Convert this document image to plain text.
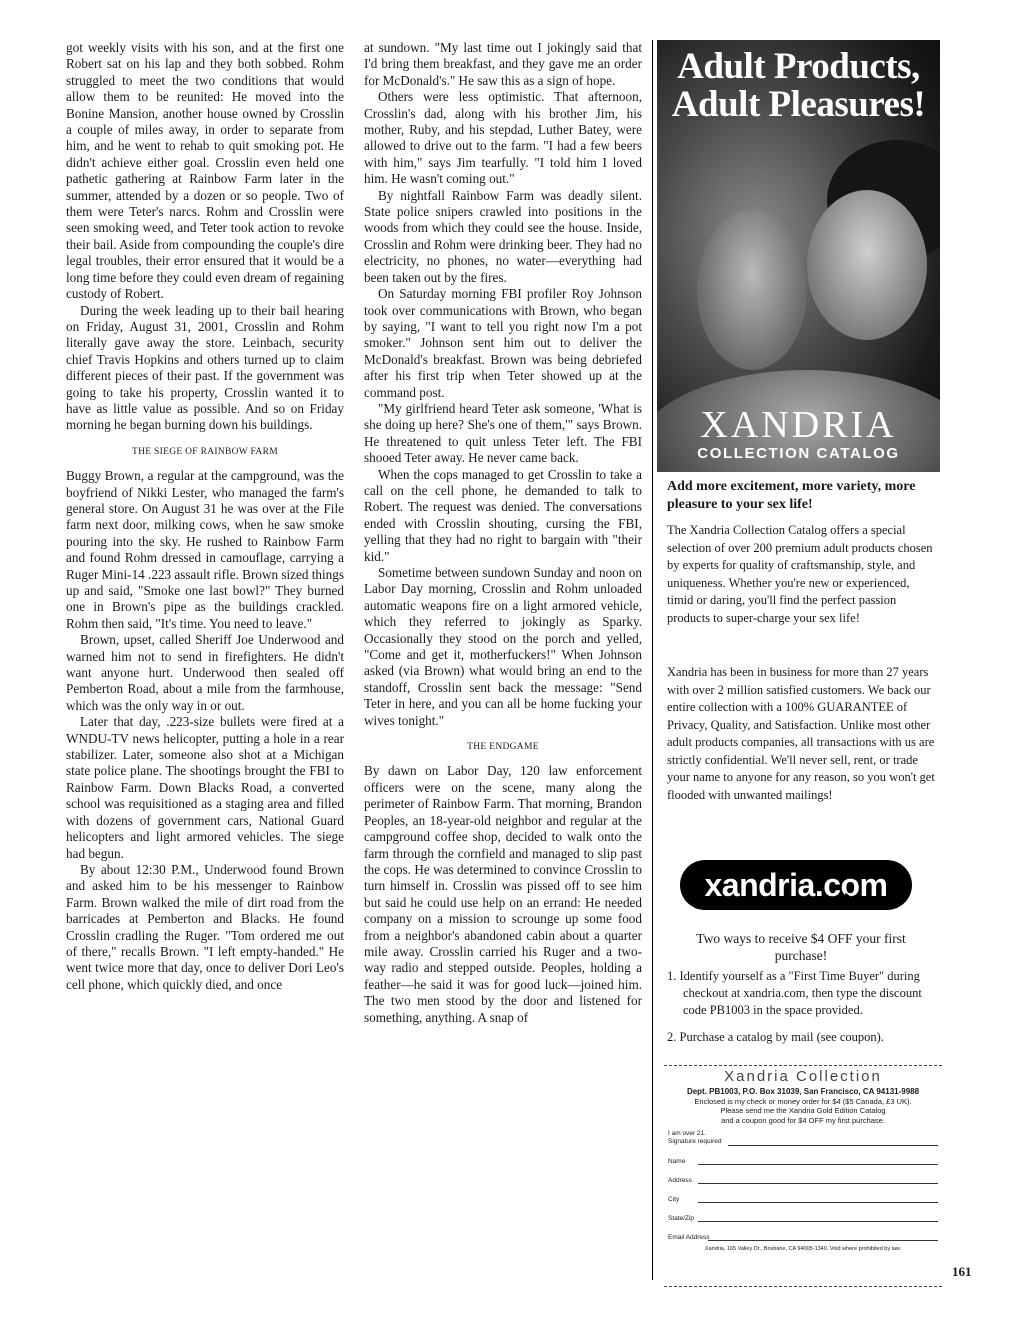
got weekly visits with his son, and at the first one Robert sat on his lap and they both sobbed. Rohm struggled to meet the two conditions that would allow them to be reunited: He moved into the Bonine Mansion, another house owned by Crosslin a couple of miles away, in order to separate from him, and he went to rehab to quit smoking pot. He didn't achieve either goal. Crosslin even held one pathetic gathering at Rainbow Farm later in the summer, attended by a dozen or so people. Two of them were Teter's narcs. Rohm and Crosslin were seen smoking weed, and Teter took action to revoke their bail. Aside from compounding the couple's dire legal troubles, their error ensured that it would be a long time before they could even dream of regaining custody of Robert.

During the week leading up to their bail hearing on Friday, August 31, 2001, Crosslin and Rohm literally gave away the store. Leinbach, security chief Travis Hopkins and others turned up to claim different pieces of their past. If the government was going to take his property, Crosslin wanted it to have as little value as possible. And so on Friday morning he began burning down his buildings.

THE SIEGE OF RAINBOW FARM

Buggy Brown, a regular at the campground, was the boyfriend of Nikki Lester, who managed the farm's general store. On August 31 he was over at the File farm next door, milking cows, when he saw smoke pouring into the sky. He rushed to Rainbow Farm and found Rohm dressed in camouflage, carrying a Ruger Mini-14 .223 assault rifle. Brown sized things up and said, "Smoke one last bowl?" They burned one in Brown's pipe as the buildings crackled. Rohm then said, "It's time. You need to leave."

Brown, upset, called Sheriff Joe Underwood and warned him not to send in firefighters. He didn't want anyone hurt. Underwood then sealed off Pemberton Road, about a mile from the farmhouse, which was the only way in or out.

Later that day, .223-size bullets were fired at a WNDU-TV news helicopter, putting a hole in a rear stabilizer. Later, someone also shot at a Michigan state police plane. The shootings brought the FBI to Rainbow Farm. Down Blacks Road, a converted school was requisitioned as a staging area and filled with dozens of government cars, National Guard helicopters and light armored vehicles. The siege had begun.

By about 12:30 P.M., Underwood found Brown and asked him to be his messenger to Rainbow Farm. Brown walked the mile of dirt road from the barricades at Pemberton and Blacks. He found Crosslin cradling the Ruger. "Tom ordered me out of there," recalls Brown. "I left empty-handed." He went twice more that day, once to deliver Dori Leo's cell phone, which quickly died, and once

at sundown. "My last time out I jokingly said that I'd bring them breakfast, and they gave me an order for McDonald's." He saw this as a sign of hope.

Others were less optimistic. That afternoon, Crosslin's dad, along with his brother Jim, his mother, Ruby, and his stepdad, Luther Batey, were allowed to drive out to the farm. "I had a few beers with him," says Jim tearfully. "I told him I loved him. He wasn't coming out."

By nightfall Rainbow Farm was deadly silent. State police snipers crawled into positions in the woods from which they could see the house. Inside, Crosslin and Rohm were drinking beer. They had no electricity, no phones, no water—everything had been taken out by the fires.

On Saturday morning FBI profiler Roy Johnson took over communications with Brown, who began by saying, "I want to tell you right now I'm a pot smoker." Johnson sent him out to deliver the McDonald's breakfast. Brown was being debriefed after his first trip when Teter showed up at the command post.

"My girlfriend heard Teter ask someone, 'What is she doing up here? She's one of them,'" says Brown. He threatened to quit unless Teter left. The FBI shooed Teter away. He never came back.

When the cops managed to get Crosslin to take a call on the cell phone, he demanded to talk to Robert. The request was denied. The conversations ended with Crosslin shouting, cursing the FBI, yelling that they had no right to bargain with "their kid."

Sometime between sundown Sunday and noon on Labor Day morning, Crosslin and Rohm unloaded automatic weapons fire on a light armored vehicle, which they referred to jokingly as Sparky. Occasionally they stood on the porch and yelled, "Come and get it, motherfuckers!" When Johnson asked (via Brown) what would bring an end to the standoff, Crosslin sent back the message: "Send Teter in here, and you can all be home fucking your wives tonight."

THE ENDGAME

By dawn on Labor Day, 120 law enforcement officers were on the scene, many along the perimeter of Rainbow Farm. That morning, Brandon Peoples, an 18-year-old neighbor and regular at the campground coffee shop, decided to walk onto the farm through the cornfield and managed to slip past the cops. He was determined to convince Crosslin to turn himself in. Crosslin was pissed off to see him but said he could use help on an errand: He needed company on a mission to scrounge up some food from a neighbor's abandoned cabin about a quarter mile away. Crosslin carried his Ruger and a two-way radio and stepped outside. Peoples, holding a feather—he said it was for good luck—joined him. The two men stood by the door and listened for something, anything. A snap of

Adult Products,
Adult Pleasures!
XANDRIA
COLLECTION CATALOG
Add more excitement, more variety, more pleasure to your sex life!

The Xandria Collection Catalog offers a special selection of over 200 premium adult products chosen by experts for quality of craftsmanship, style, and uniqueness. Whether you're new or experienced, timid or daring, you'll find the perfect passion products to super-charge your sex life!

Xandria has been in business for more than 27 years with over 2 million satisfied customers. We back our entire collection with a 100% GUARANTEE of Privacy, Quality, and Satisfaction. Unlike most other adult products companies, all transactions with us are strictly confidential. We'll never sell, rent, or trade your name to anyone for any reason, so you won't get flooded with unwanted mailings!

xandria.com
Two ways to receive $4 OFF your first purchase!
1. Identify yourself as a "First Time Buyer" during checkout at xandria.com, then type the discount code PB1003 in the space provided.
2. Purchase a catalog by mail (see coupon).
Xandria Collection
Dept. PB1003, P.O. Box 31039, San Francisco, CA 94131-9988
Enclosed is my check or money order for $4 ($5 Canada, £3 UK).
Please send me the Xandria Gold Edition Catalog
and a coupon good for $4 OFF my first purchase.
I am over 21.
Signature required
Name
Address
City
State/Zip
Email Address
Xandria, 165 Valley Dr., Brisbane, CA 94005-1340. Void where prohibited by law.
161
